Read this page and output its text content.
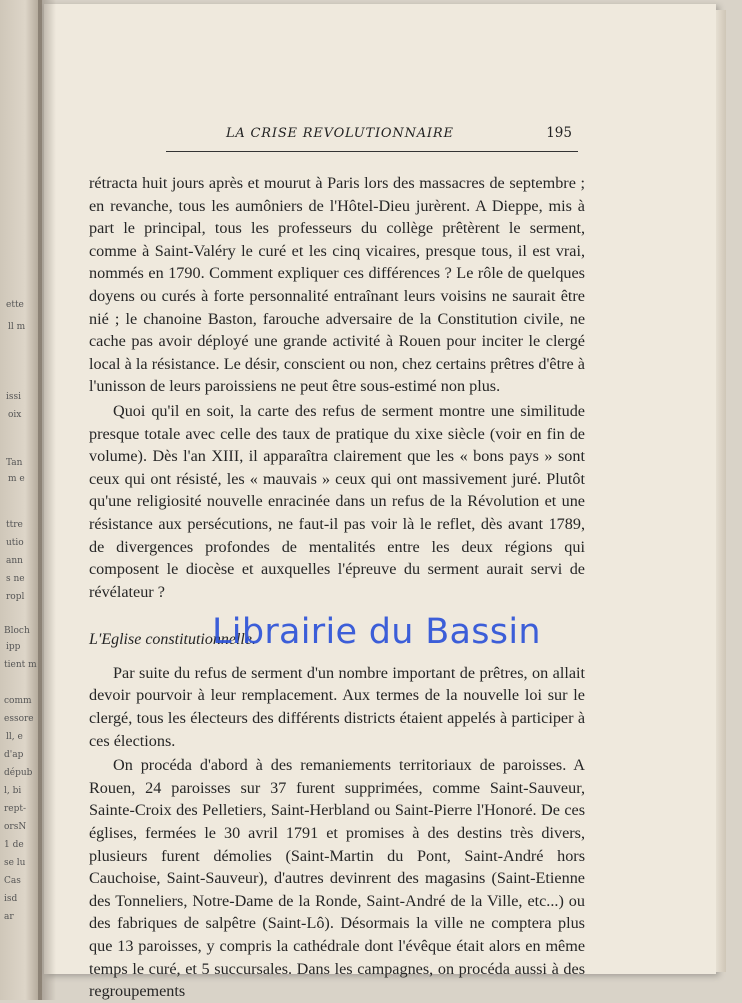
ette
ll m
issi
oix
Tan
m e
ttre
utio
ann
s ne
ropl
Bloch
ipp
tient m
comm
essore
ll, e
d'ap
dépub
l, bi
rept-
orsN
1 de
se lu
Cas
isd
ar
LA CRISE REVOLUTIONNAIRE	195

rétracta huit jours après et mourut à Paris lors des massacres de septembre ; en revanche, tous les aumôniers de l'Hôtel-Dieu jurèrent. A Dieppe, mis à part le principal, tous les professeurs du collège prêtèrent le serment, comme à Saint-Valéry le curé et les cinq vicaires, presque tous, il est vrai, nommés en 1790. Comment expliquer ces différences ? Le rôle de quelques doyens ou curés à forte personnalité entraînant leurs voisins ne saurait être nié ; le chanoine Baston, farouche adversaire de la Constitution civile, ne cache pas avoir déployé une grande activité à Rouen pour inciter le clergé local à la résistance. Le désir, conscient ou non, chez certains prêtres d'être à l'unisson de leurs paroissiens ne peut être sous-estimé non plus.

Quoi qu'il en soit, la carte des refus de serment montre une similitude presque totale avec celle des taux de pratique du xixe siècle (voir en fin de volume). Dès l'an XIII, il apparaîtra clairement que les « bons pays » sont ceux qui ont résisté, les « mauvais » ceux qui ont massivement juré. Plutôt qu'une religiosité nouvelle enracinée dans un refus de la Révolution et une résistance aux persécutions, ne faut-il pas voir là le reflet, dès avant 1789, de divergences profondes de mentalités entre les deux régions qui composent le diocèse et auxquelles l'épreuve du serment aurait servi de révélateur ?

L'Eglise constitutionnelle.

Par suite du refus de serment d'un nombre important de prêtres, on allait devoir pourvoir à leur remplacement. Aux termes de la nouvelle loi sur le clergé, tous les électeurs des différents districts étaient appelés à participer à ces élections.

On procéda d'abord à des remaniements territoriaux de paroisses. A Rouen, 24 paroisses sur 37 furent supprimées, comme Saint-Sauveur, Sainte-Croix des Pelletiers, Saint-Herbland ou Saint-Pierre l'Honoré. De ces églises, fermées le 30 avril 1791 et promises à des destins très divers, plusieurs furent démolies (Saint-Martin du Pont, Saint-André hors Cauchoise, Saint-Sauveur), d'autres devinrent des magasins (Saint-Etienne des Tonneliers, Notre-Dame de la Ronde, Saint-André de la Ville, etc...) ou des fabriques de salpêtre (Saint-Lô). Désormais la ville ne comptera plus que 13 paroisses, y compris la cathédrale dont l'évêque était alors en même temps le curé, et 5 succursales. Dans les campagnes, on procéda aussi à des regroupements

Librairie du Bassin
